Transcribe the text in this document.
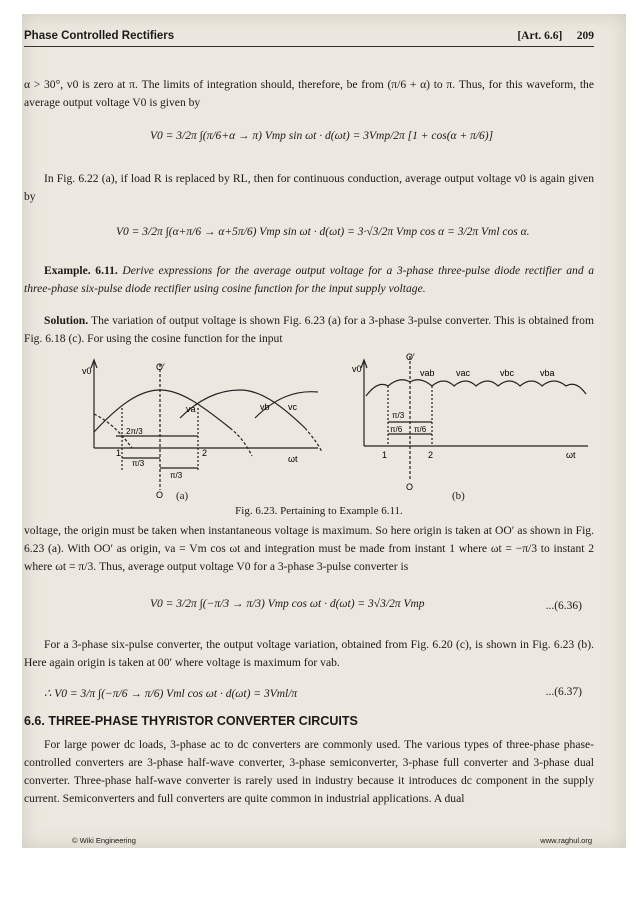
Phase Controlled Rectifiers	[Art. 6.6] 209
α > 30°, v0 is zero at π. The limits of integration should, therefore, be from (π/6 + α) to π. Thus, for this waveform, the average output voltage V0 is given by
V0 = 3/2π ∫(π/6+α → π) Vmp sin ωt · d(ωt) = 3Vmp/2π [1 + cos(α + π/6)]
In Fig. 6.22 (a), if load R is replaced by RL, then for continuous conduction, average output voltage v0 is again given by
V0 = 3/2π ∫(α+π/6 → α+5π/6) Vmp sin ωt · d(ωt) = 3·√3/2π Vmp cos α = 3/2π Vml cos α.
Example. 6.11. Derive expressions for the average output voltage for a 3-phase three-pulse diode rectifier and a three-phase six-pulse diode rectifier using cosine function for the input supply voltage.
Solution. The variation of output voltage is shown Fig. 6.23 (a) for a 3-phase 3-pulse converter. This is obtained from Fig. 6.18 (c). For using the cosine function for the input
v0	O′
va	vb vc
2π/3
1	2
ωt
π/3
π/3
O
v0
O′
vab vac	vbc	vba
π/3
π/6 π/6
1	2	ωt
O
(a)	(b)
Fig. 6.23. Pertaining to Example 6.11.
voltage, the origin must be taken when instantaneous voltage is maximum. So here origin is taken at OO′ as shown in Fig. 6.23 (a). With OO′ as origin, va = Vm cos ωt and integration must be made from instant 1 where ωt = −π/3 to instant 2 where ωt = π/3. Thus, average output voltage V0 for a 3-phase 3-pulse converter is
V0 = 3/2π ∫(−π/3 → π/3) Vmp cos ωt · d(ωt) = 3√3/2π Vmp	...(6.36)
For a 3-phase six-pulse converter, the output voltage variation, obtained from Fig. 6.20 (c), is shown in Fig. 6.23 (b). Here again origin is taken at 00′ where voltage is maximum for vab.
∴ V0 = 3/π ∫(−π/6 → π/6) Vml cos ωt · d(ωt) = 3Vml/π	...(6.37)
6.6. THREE-PHASE THYRISTOR CONVERTER CIRCUITS
For large power dc loads, 3-phase ac to dc converters are commonly used. The various types of three-phase phase-controlled converters are 3-phase half-wave converter, 3-phase semiconverter, 3-phase full converter and 3-phase dual converter. Three-phase half-wave converter is rarely used in industry because it introduces dc component in the supply current. Semiconverters and full converters are quite common in industrial applications. A dual
© Wiki Engineering	www.raghul.org
